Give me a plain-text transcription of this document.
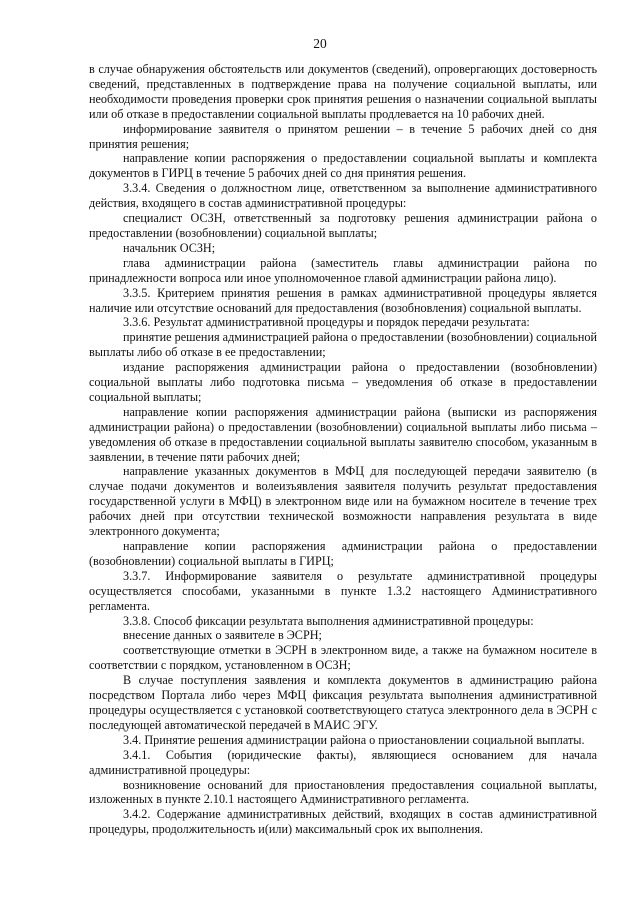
20

в случае обнаружения обстоятельств или документов (сведений), опровергающих достоверность сведений, представленных в подтверждение права на получение социальной выплаты, или необходимости проведения проверки срок принятия решения о назначении социальной выплаты или об отказе в предоставлении социальной выплаты продлевается на 10 рабочих дней.

информирование заявителя о принятом решении – в течение 5 рабочих дней со дня принятия решения;

направление копии распоряжения о предоставлении социальной выплаты и комплекта документов в ГИРЦ в течение 5 рабочих дней со дня принятия решения.

3.3.4. Сведения о должностном лице, ответственном за выполнение административного действия, входящего в состав административной процедуры:

специалист ОСЗН, ответственный за подготовку решения администрации района о предоставлении (возобновлении) социальной выплаты;

начальник ОСЗН;

глава администрации района (заместитель главы администрации района по принадлежности вопроса или иное уполномоченное главой администрации района лицо).

3.3.5. Критерием принятия решения в рамках административной процедуры является наличие или отсутствие оснований для предоставления (возобновления) социальной выплаты.

3.3.6. Результат административной процедуры и порядок передачи результата:

принятие решения администрацией района о предоставлении (возобновлении) социальной выплаты либо об отказе в ее предоставлении;

издание распоряжения администрации района о предоставлении (возобновлении) социальной выплаты либо подготовка письма – уведомления об отказе в предоставлении социальной выплаты;

направление копии распоряжения администрации района (выписки из распоряжения администрации района) о предоставлении (возобновлении) социальной выплаты либо письма – уведомления об отказе в предоставлении социальной выплаты заявителю способом, указанным в заявлении, в течение пяти рабочих дней;

направление указанных документов в МФЦ для последующей передачи заявителю (в случае подачи документов и волеизъявления заявителя получить результат предоставления государственной услуги в МФЦ) в электронном виде или на бумажном носителе в течение трех рабочих дней при отсутствии технической возможности направления результата в виде электронного документа;

направление копии распоряжения администрации района о предоставлении (возобновлении) социальной выплаты в ГИРЦ;

3.3.7. Информирование заявителя о результате административной процедуры осуществляется способами, указанными в пункте 1.3.2 настоящего Административного регламента.

3.3.8. Способ фиксации результата выполнения административной процедуры:

внесение данных о заявителе в ЭСРН;

соответствующие отметки в ЭСРН в электронном виде, а также на бумажном носителе в соответствии с порядком, установленном в ОСЗН;

В случае поступления заявления и комплекта документов в администрацию района посредством Портала либо через МФЦ фиксация результата выполнения административной процедуры осуществляется с установкой соответствующего статуса электронного дела в ЭСРН с последующей автоматической передачей в МАИС ЭГУ.

3.4. Принятие решения администрации района о приостановлении социальной выплаты.

3.4.1. События (юридические факты), являющиеся основанием для начала административной процедуры:

возникновение оснований для приостановления предоставления социальной выплаты, изложенных в пункте 2.10.1 настоящего Административного регламента.

3.4.2. Содержание административных действий, входящих в состав административной процедуры, продолжительность и(или) максимальный срок их выполнения.
